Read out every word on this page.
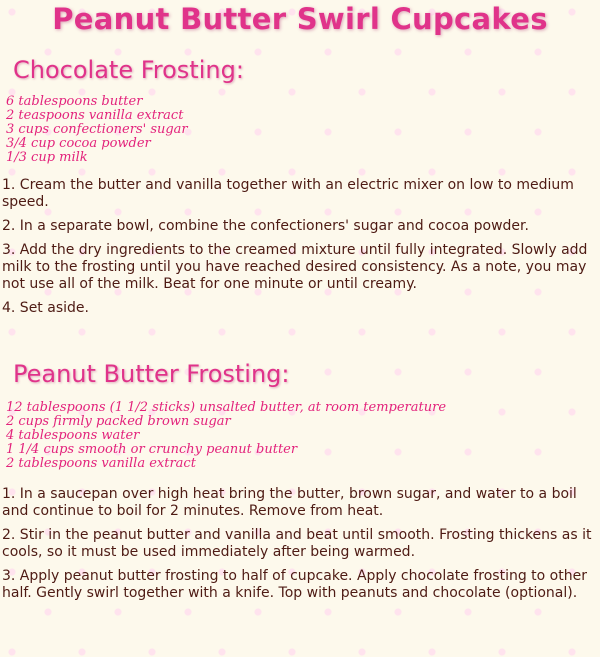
Peanut Butter Swirl Cupcakes
Chocolate Frosting:
6 tablespoons butter
2 teaspoons vanilla extract
3 cups confectioners' sugar
3/4 cup cocoa powder
1/3 cup milk

1. Cream the butter and vanilla together with an electric mixer on low to medium speed.

2. In a separate bowl, combine the confectioners' sugar and cocoa powder.

3. Add the dry ingredients to the creamed mixture until fully integrated. Slowly add milk to the frosting until you have reached desired consistency. As a note, you may not use all of the milk. Beat for one minute or until creamy.

4. Set aside.

Peanut Butter Frosting:
12 tablespoons (1 1/2 sticks) unsalted butter, at room temperature
2 cups firmly packed brown sugar
4 tablespoons water
1 1/4 cups smooth or crunchy peanut butter
2 tablespoons vanilla extract

1. In a saucepan over high heat bring the butter, brown sugar, and water to a boil and continue to boil for 2 minutes. Remove from heat.

2. Stir in the peanut butter and vanilla and beat until smooth. Frosting thickens as it cools, so it must be used immediately after being warmed.

3. Apply peanut butter frosting to half of cupcake. Apply chocolate frosting to other half. Gently swirl together with a knife. Top with peanuts and chocolate (optional).
